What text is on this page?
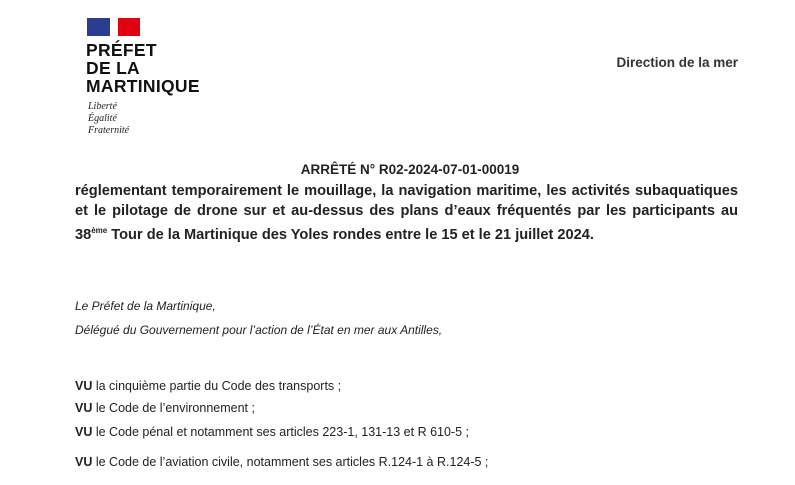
PRÉFET
DE LA
MARTINIQUE
Liberté
Égalité
Fraternité
Direction de la mer
ARRÊTÉ N° R02-2024-07-01-00019
réglementant temporairement le mouillage, la navigation maritime, les activités subaquatiques et le pilotage de drone sur et au-dessus des plans d’eaux fréquentés par les participants au 38ème Tour de la Martinique des Yoles rondes entre le 15 et le 21 juillet 2024.
Le Préfet de la Martinique,
Délégué du Gouvernement pour l’action de l’État en mer aux Antilles,
VU la cinquième partie du Code des transports ;
VU le Code de l’environnement ;
VU le Code pénal et notamment ses articles 223-1, 131-13 et R 610-5 ;
VU le Code de l’aviation civile, notamment ses articles R.124-1 à R.124-5 ;
